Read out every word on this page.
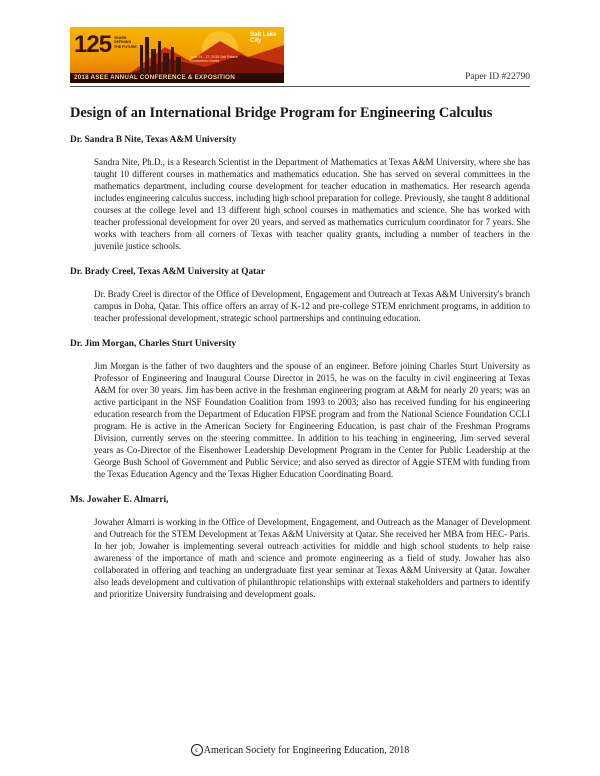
125 YEARS DEFINING THE FUTURE
Salt Lake City
June 24 - 27, 2018 Salt Palace Convention Center
2018 ASEE ANNUAL CONFERENCE & EXPOSITION	Paper ID #22790
Design of an International Bridge Program for Engineering Calculus

Dr. Sandra B Nite, Texas A&M University

Sandra Nite, Ph.D., is a Research Scientist in the Department of Mathematics at Texas A&M University, where she has taught 10 different courses in mathematics and mathematics education. She has served on several committees in the mathematics department, including course development for teacher education in mathematics. Her research agenda includes engineering calculus success, including high school preparation for college. Previously, she taught 8 additional courses at the college level and 13 different high school courses in mathematics and science. She has worked with teacher professional development for over 20 years, and served as mathematics curriculum coordinator for 7 years. She works with teachers from all corners of Texas with teacher quality grants, including a number of teachers in the juvenile justice schools.

Dr. Brady Creel, Texas A&M University at Qatar

Dr. Brady Creel is director of the Office of Development, Engagement and Outreach at Texas A&M University's branch campus in Doha, Qatar. This office offers an array of K-12 and pre-college STEM enrichment programs, in addition to teacher professional development, strategic school partnerships and continuing education.

Dr. Jim Morgan, Charles Sturt University

Jim Morgan is the father of two daughters and the spouse of an engineer. Before joining Charles Sturt University as Professor of Engineering and Inaugural Course Director in 2015, he was on the faculty in civil engineering at Texas A&M for over 30 years. Jim has been active in the freshman engineering program at A&M for nearly 20 years; was an active participant in the NSF Foundation Coalition from 1993 to 2003; also has received funding for his engineering education research from the Department of Education FIPSE program and from the National Science Foundation CCLI program. He is active in the American Society for Engineering Education, is past chair of the Freshman Programs Division, currently serves on the steering committee. In addition to his teaching in engineering, Jim served several years as Co-Director of the Eisenhower Leadership Development Program in the Center for Public Leadership at the George Bush School of Government and Public Service; and also served as director of Aggie STEM with funding from the Texas Education Agency and the Texas Higher Education Coordinating Board.

Ms. Jowaher E. Almarri,

Jowaher Almarri is working in the Office of Development, Engagement, and Outreach as the Manager of Development and Outreach for the STEM Development at Texas A&M University at Qatar. She received her MBA from HEC- Paris. In her job, Jowaher is implementing several outreach activities for middle and high school students to help raise awareness of the importance of math and science and promote engineering as a field of study. Jowaher has also collaborated in offering and teaching an undergraduate first year seminar at Texas A&M University at Qatar. Jowaher also leads development and cultivation of philanthropic relationships with external stakeholders and partners to identify and prioritize University fundraising and development goals.

c American Society for Engineering Education, 2018
